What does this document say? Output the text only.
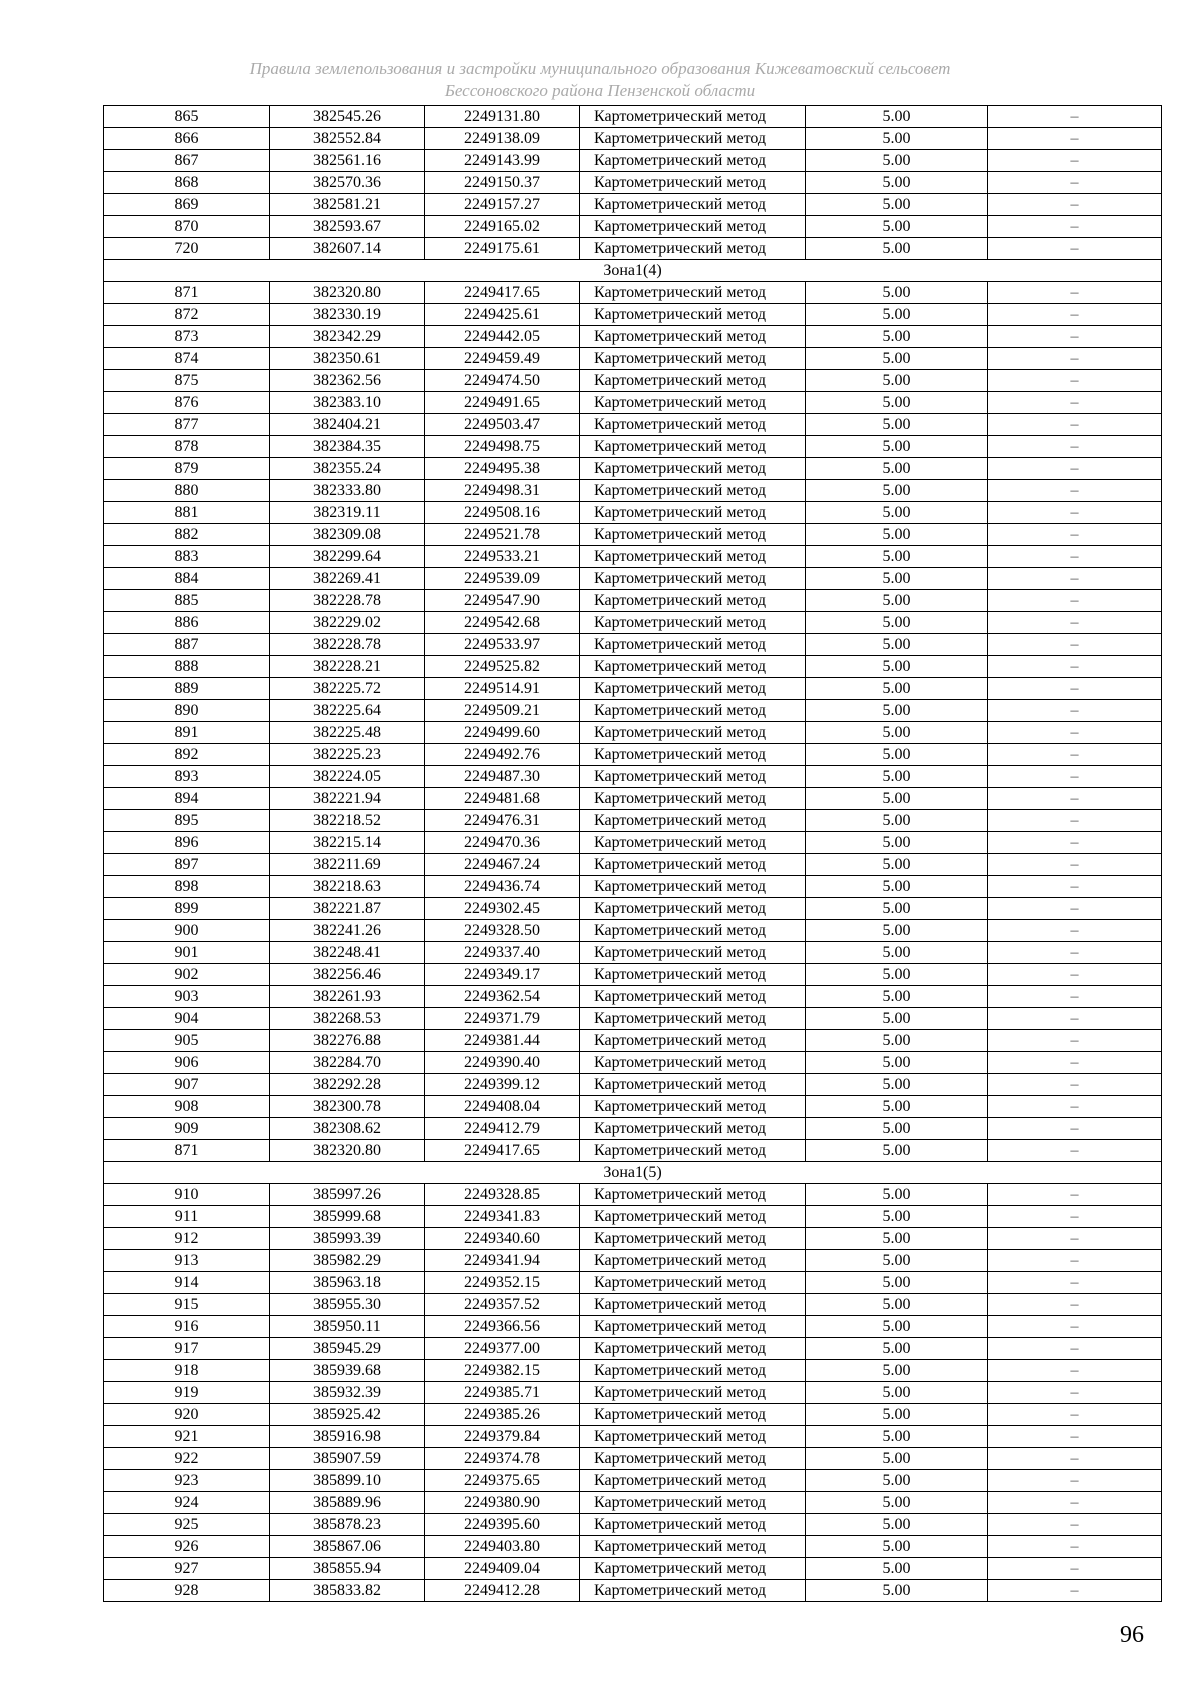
Правила землепользования и застройки муниципального образования Кижеватовский сельсовет
Бессоновского района Пензенской области
865	382545.26	2249131.80	Картометрический метод	5.00	–
866	382552.84	2249138.09	Картометрический метод	5.00	–
867	382561.16	2249143.99	Картометрический метод	5.00	–
868	382570.36	2249150.37	Картометрический метод	5.00	–
869	382581.21	2249157.27	Картометрический метод	5.00	–
870	382593.67	2249165.02	Картометрический метод	5.00	–
720	382607.14	2249175.61	Картометрический метод	5.00	–
Зона1(4)					
871	382320.80	2249417.65	Картометрический метод	5.00	–
872	382330.19	2249425.61	Картометрический метод	5.00	–
873	382342.29	2249442.05	Картометрический метод	5.00	–
874	382350.61	2249459.49	Картометрический метод	5.00	–
875	382362.56	2249474.50	Картометрический метод	5.00	–
876	382383.10	2249491.65	Картометрический метод	5.00	–
877	382404.21	2249503.47	Картометрический метод	5.00	–
878	382384.35	2249498.75	Картометрический метод	5.00	–
879	382355.24	2249495.38	Картометрический метод	5.00	–
880	382333.80	2249498.31	Картометрический метод	5.00	–
881	382319.11	2249508.16	Картометрический метод	5.00	–
882	382309.08	2249521.78	Картометрический метод	5.00	–
883	382299.64	2249533.21	Картометрический метод	5.00	–
884	382269.41	2249539.09	Картометрический метод	5.00	–
885	382228.78	2249547.90	Картометрический метод	5.00	–
886	382229.02	2249542.68	Картометрический метод	5.00	–
887	382228.78	2249533.97	Картометрический метод	5.00	–
888	382228.21	2249525.82	Картометрический метод	5.00	–
889	382225.72	2249514.91	Картометрический метод	5.00	–
890	382225.64	2249509.21	Картометрический метод	5.00	–
891	382225.48	2249499.60	Картометрический метод	5.00	–
892	382225.23	2249492.76	Картометрический метод	5.00	–
893	382224.05	2249487.30	Картометрический метод	5.00	–
894	382221.94	2249481.68	Картометрический метод	5.00	–
895	382218.52	2249476.31	Картометрический метод	5.00	–
896	382215.14	2249470.36	Картометрический метод	5.00	–
897	382211.69	2249467.24	Картометрический метод	5.00	–
898	382218.63	2249436.74	Картометрический метод	5.00	–
899	382221.87	2249302.45	Картометрический метод	5.00	–
900	382241.26	2249328.50	Картометрический метод	5.00	–
901	382248.41	2249337.40	Картометрический метод	5.00	–
902	382256.46	2249349.17	Картометрический метод	5.00	–
903	382261.93	2249362.54	Картометрический метод	5.00	–
904	382268.53	2249371.79	Картометрический метод	5.00	–
905	382276.88	2249381.44	Картометрический метод	5.00	–
906	382284.70	2249390.40	Картометрический метод	5.00	–
907	382292.28	2249399.12	Картометрический метод	5.00	–
908	382300.78	2249408.04	Картометрический метод	5.00	–
909	382308.62	2249412.79	Картометрический метод	5.00	–
871	382320.80	2249417.65	Картометрический метод	5.00	–
Зона1(5)					
910	385997.26	2249328.85	Картометрический метод	5.00	–
911	385999.68	2249341.83	Картометрический метод	5.00	–
912	385993.39	2249340.60	Картометрический метод	5.00	–
913	385982.29	2249341.94	Картометрический метод	5.00	–
914	385963.18	2249352.15	Картометрический метод	5.00	–
915	385955.30	2249357.52	Картометрический метод	5.00	–
916	385950.11	2249366.56	Картометрический метод	5.00	–
917	385945.29	2249377.00	Картометрический метод	5.00	–
918	385939.68	2249382.15	Картометрический метод	5.00	–
919	385932.39	2249385.71	Картометрический метод	5.00	–
920	385925.42	2249385.26	Картометрический метод	5.00	–
921	385916.98	2249379.84	Картометрический метод	5.00	–
922	385907.59	2249374.78	Картометрический метод	5.00	–
923	385899.10	2249375.65	Картометрический метод	5.00	–
924	385889.96	2249380.90	Картометрический метод	5.00	–
925	385878.23	2249395.60	Картометрический метод	5.00	–
926	385867.06	2249403.80	Картометрический метод	5.00	–
927	385855.94	2249409.04	Картометрический метод	5.00	–
928	385833.82	2249412.28	Картометрический метод	5.00	–
96
